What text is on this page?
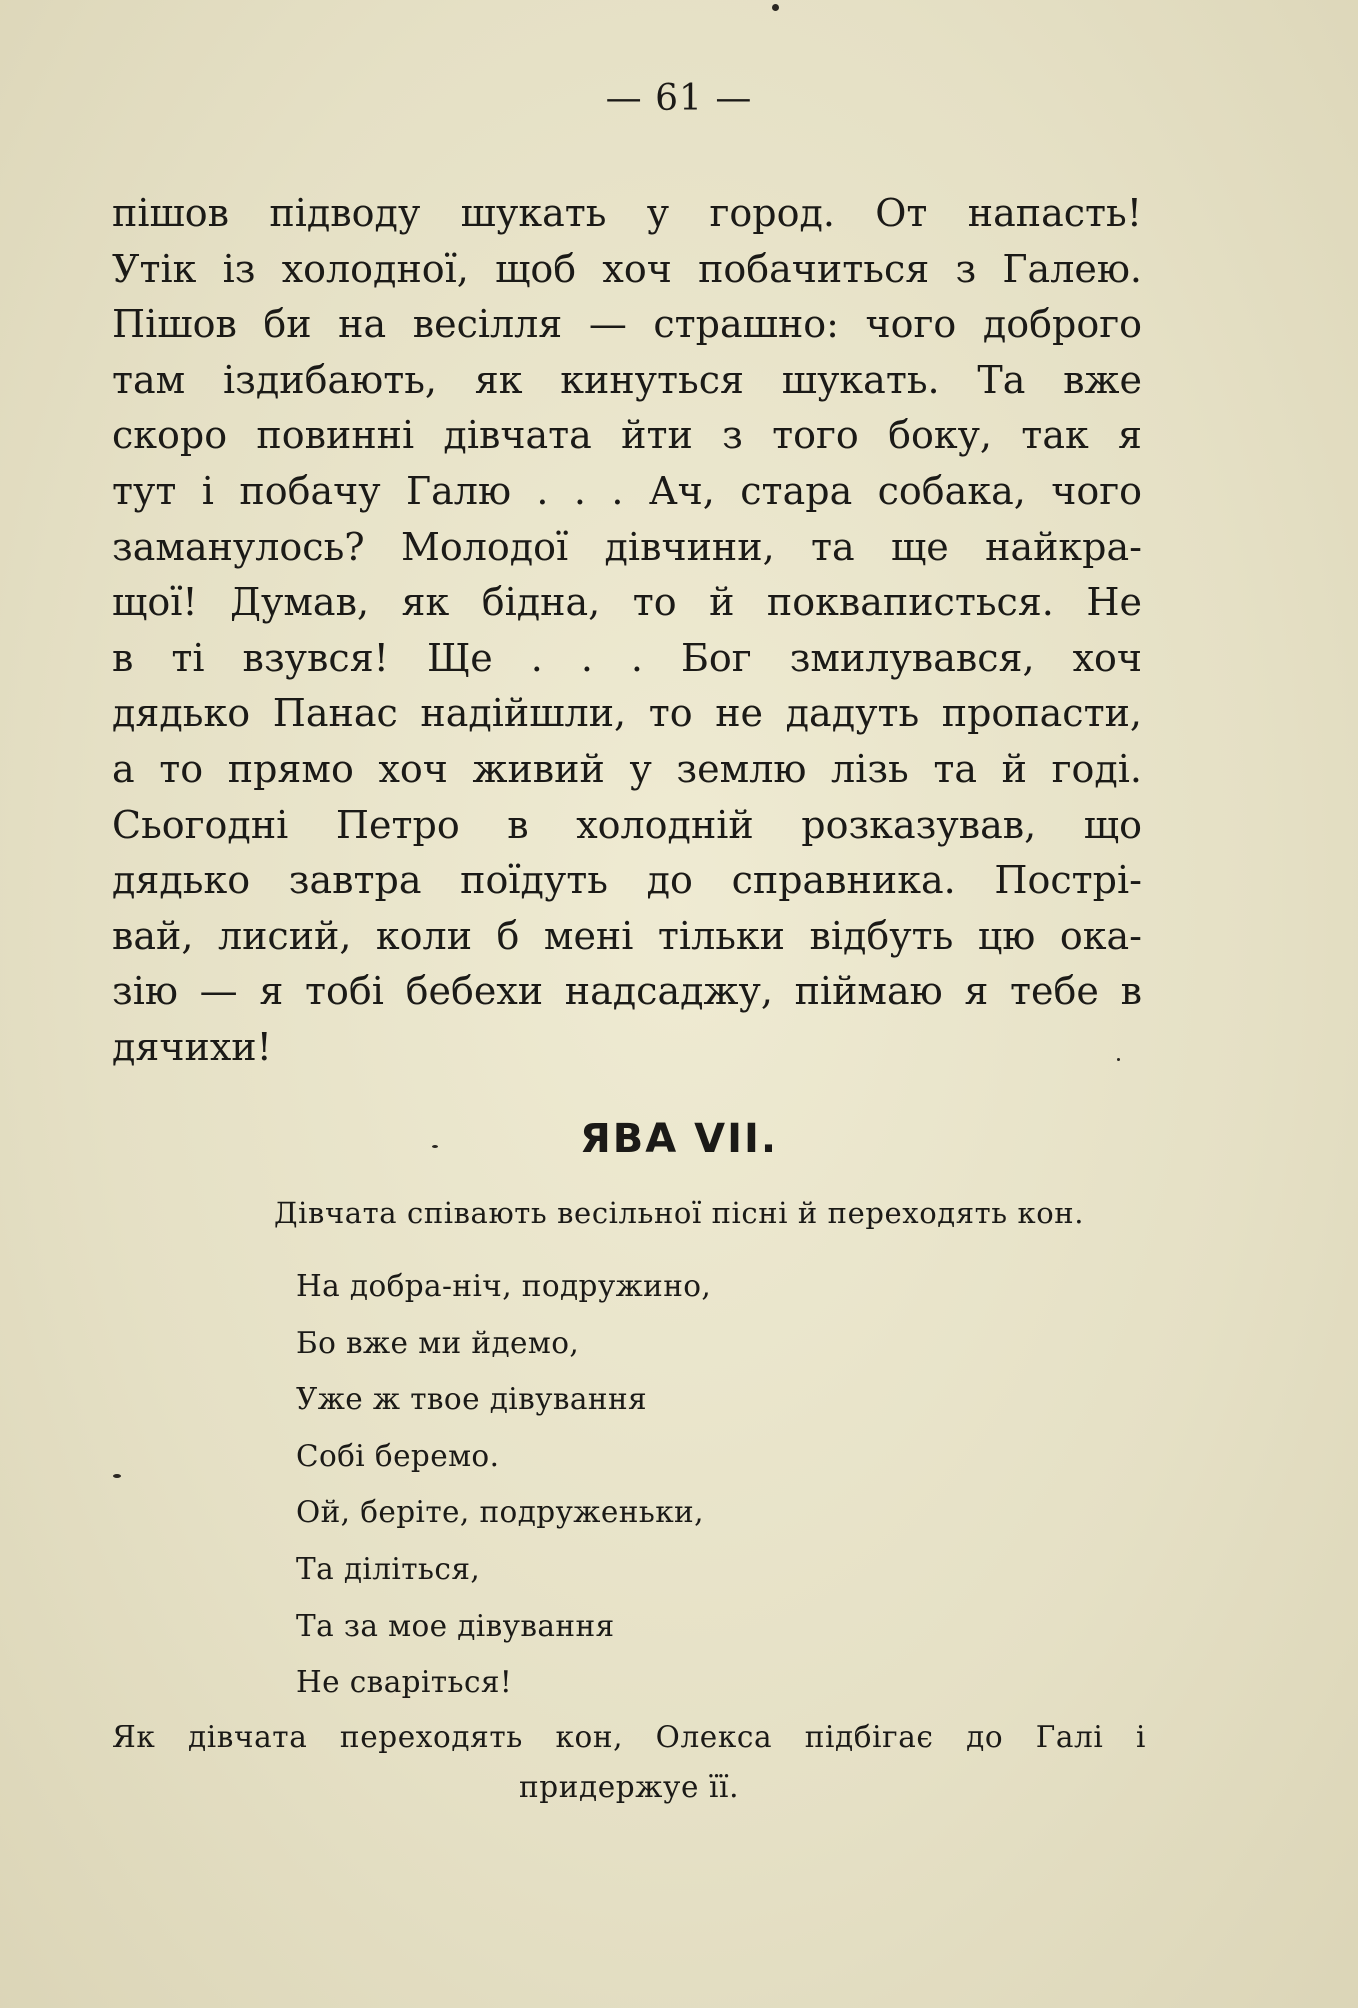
— 61 —
пішов підводу шукать у город. От напасть!
Утік із холодної, щоб хоч побачиться з Галею.
Пішов би на весілля — страшно: чого доброго
там іздибають, як кинуться шукать. Та вже
скоро повинні дівчата йти з того боку, так я
тут і побачу Галю . . . Ач, стара собака, чого
заманулось? Молодої дівчини, та ще найкра-
щої! Думав, як бідна, то й покваписться. Не
в ті взувся! Ще . . . Бог змилувався, хоч
дядько Панас надійшли, то не дадуть пропасти,
а то прямо хоч живий у землю лізь та й годі.
Сьогодні Петро в холодній розказував, що
дядько завтра поїдуть до справника. Пострі-
вай, лисий, коли б мені тільки відбуть цю ока-
зію — я тобі бебехи надсаджу, піймаю я тебе в
дячихи!
ЯВА VII.
Дівчата співають весільної пісні й переходять кон.
На добра-ніч, подружино,
Бо вже ми йдемо,
Уже ж твое дівування
Собі беремо.
Ой, беріте, подруженьки,
Та діліться,
Та за мое дівування
Не сваріться!
Як дівчата переходять кон, Олекса підбігає до Галі і
придержуе її.
